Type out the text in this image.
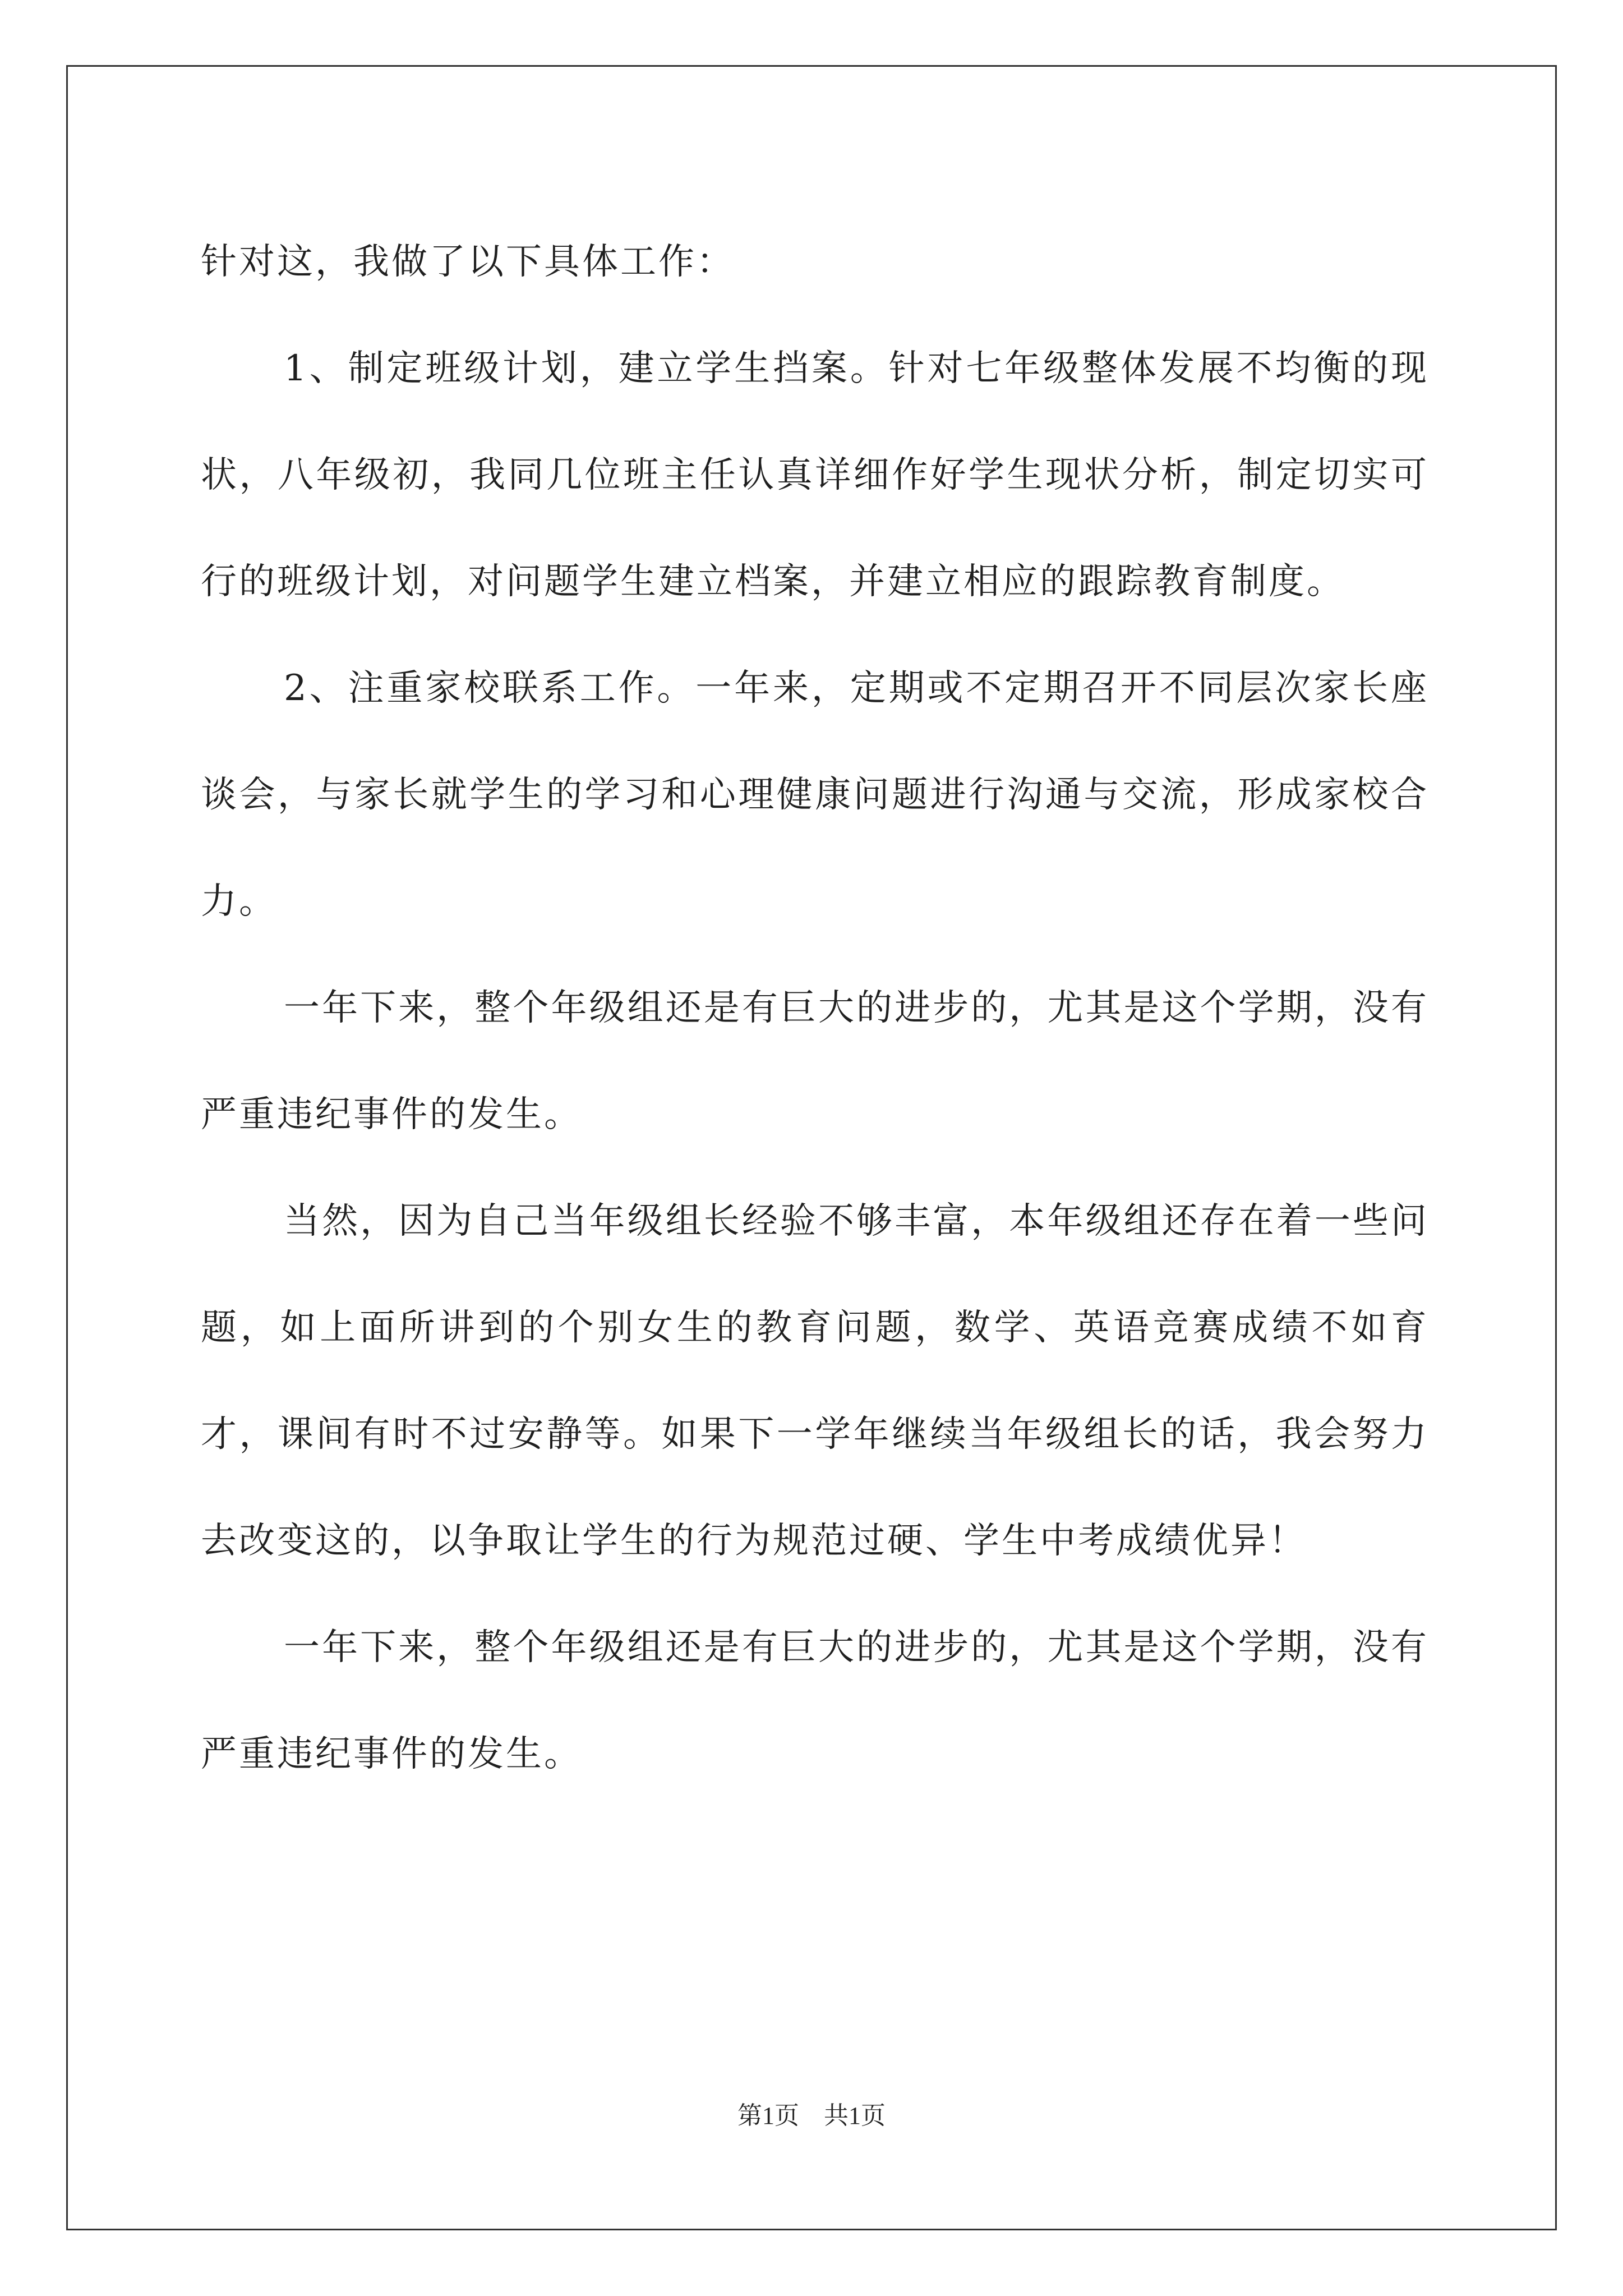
针对这，我做了以下具体工作：

1、制定班级计划，建立学生挡案。针对七年级整体发展不均衡的现状，八年级初，我同几位班主任认真详细作好学生现状分析，制定切实可行的班级计划，对问题学生建立档案，并建立相应的跟踪教育制度。

2、注重家校联系工作。一年来，定期或不定期召开不同层次家长座谈会，与家长就学生的学习和心理健康问题进行沟通与交流，形成家校合力。

一年下来，整个年级组还是有巨大的进步的，尤其是这个学期，没有严重违纪事件的发生。

当然，因为自己当年级组长经验不够丰富，本年级组还存在着一些问题，如上面所讲到的个别女生的教育问题，数学、英语竞赛成绩不如育才，课间有时不过安静等。如果下一学年继续当年级组长的话，我会努力去改变这的，以争取让学生的行为规范过硬、学生中考成绩优异！

一年下来，整个年级组还是有巨大的进步的，尤其是这个学期，没有严重违纪事件的发生。

第1页　共1页
